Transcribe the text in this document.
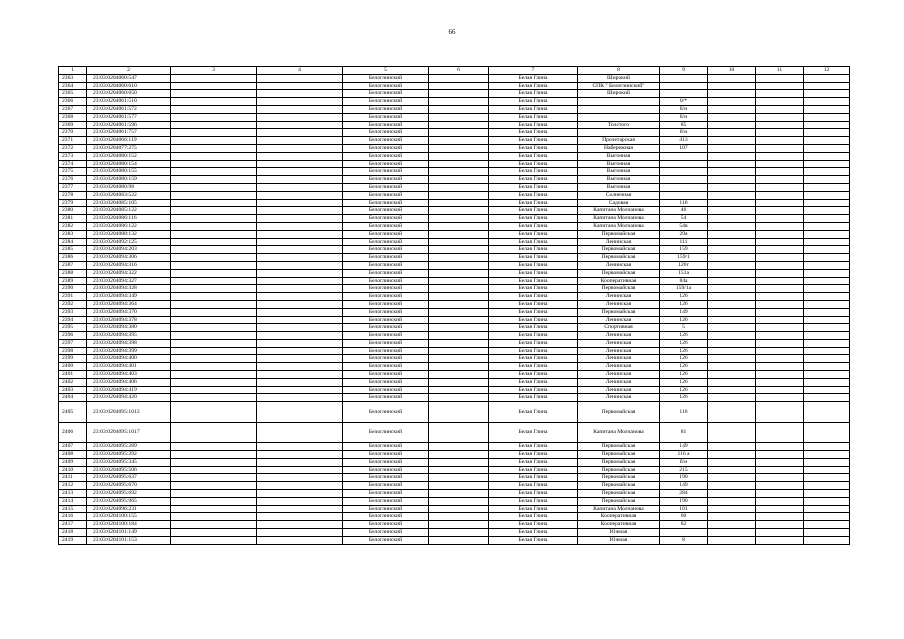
66
1	2	3	4	5	6	7	8	9	10	11	12
2363	23:03:0204060:547			Белоглинский		Белая Глина	Широкий				
2364	23:03:0204060:610			Белоглинский		Белая Глина	СПК " Белоглинский"				
2365	23:03:0204060:650			Белоглинский		Белая Глина	Широкий				
2366	23:03:0204061:510			Белоглинский		Белая Глина		0/*			
2367	23:03:0204061:572			Белоглинский		Белая Глина		б/н			
2368	23:03:0204061:577			Белоглинский		Белая Глина		б/н			
2369	23:03:0204061:596			Белоглинский		Белая Глина	Толстого	85			
2370	23:03:0204061:757			Белоглинский		Белая Глина		б/н			
2371	23:03:0204066:119			Белоглинский		Белая Глина	Пролетарская	413			
2372	23:03:0204077:275			Белоглинский		Белая Глина	Набережная	107			
2373	23:03:0204080:152			Белоглинский		Белая Глина	Выгонная				
2374	23:03:0204080:154			Белоглинский		Белая Глина	Выгонная				
2375	23:03:0204080:155			Белоглинский		Белая Глина	Выгонная				
2376	23:03:0204080:159			Белоглинский		Белая Глина	Выгонная				
2377	23:03:0204080:98			Белоглинский		Белая Глина	Выгонная				
2378	23:03:0204083:522			Белоглинский		Белая Глина	Солнечная				
2379	23:03:0204085:105			Белоглинский		Белая Глина	Садовая	110			
2380	23:03:0204085:122			Белоглинский		Белая Глина	Капитана Молчанова	46			
2381	23:03:0204086:116			Белоглинский		Белая Глина	Капитана Молчанова	54			
2382	23:03:0204086:122			Белоглинский		Белая Глина	Капитана Молчанова	54в			
2383	23:03:0204088:132			Белоглинский		Белая Глина	Первомайская	29а			
2384	23:03:0204092:125			Белоглинский		Белая Глина	Ленинская	111			
2385	23:03:0204094:203			Белоглинский		Белая Глина	Первомайская	159			
2386	23:03:0204094:306			Белоглинский		Белая Глина	Первомайская	159/1			
2387	23:03:0204094:316			Белоглинский		Белая Глина	Ленинская	126т			
2388	23:03:0204094:322			Белоглинский		Белая Глина	Первомайская	151а			
2389	23:03:0204094:327			Белоглинский		Белая Глина	Кооперативная	84а			
2390	23:03:0204094:328			Белоглинский		Белая Глина	Первомайская	159/1а			
2391	23:03:0204094:349			Белоглинский		Белая Глина	Ленинская	126			
2392	23:03:0204094:364			Белоглинский		Белая Глина	Ленинская	126			
2393	23:03:0204094:370			Белоглинский		Белая Глина	Первомайская	149			
2394	23:03:0204094:378			Белоглинский		Белая Глина	Ленинская	126			
2395	23:03:0204094:380			Белоглинский		Белая Глина	Спортивная	5			
2396	23:03:0204094:395			Белоглинский		Белая Глина	Ленинская	126			
2397	23:03:0204094:398			Белоглинский		Белая Глина	Ленинская	126			
2398	23:03:0204094:399			Белоглинский		Белая Глина	Ленинская	126			
2399	23:03:0204094:400			Белоглинский		Белая Глина	Ленинская	126			
2400	23:03:0204094:401			Белоглинский		Белая Глина	Ленинская	126			
2401	23:03:0204094:403			Белоглинский		Белая Глина	Ленинская	126			
2402	23:03:0204094:406			Белоглинский		Белая Глина	Ленинская	126			
2403	23:03:0204094:419			Белоглинский		Белая Глина	Ленинская	126			
2404	23:03:0204094:420			Белоглинский		Белая Глина	Ленинская	126			
2405	23:03:0204095:1012			Белоглинский		Белая Глина	Первомайская	116			
2406	23:03:0204095:1017			Белоглинский		Белая Глина	Капитана Молчанова	81			
2407	23:03:0204095:289			Белоглинский		Белая Глина	Первомайская	149			
2408	23:03:0204095:292			Белоглинский		Белая Глина	Первомайская	116 а			
2409	23:03:0204095:345			Белоглинский		Белая Глина	Первомайская	б/н			
2410	23:03:0204095:506			Белоглинский		Белая Глина	Первомайская	215			
2411	23:03:0204095:637			Белоглинский		Белая Глина	Первомайская	190			
2412	23:03:0204095:670			Белоглинский		Белая Глина	Первомайская	149			
2413	23:03:0204095:692			Белоглинский		Белая Глина	Первомайская	284			
2414	23:03:0204095:965			Белоглинский		Белая Глина	Первомайская	190			
2415	23:03:0204096:231			Белоглинский		Белая Глина	Капитана Молчанова	101			
2416	23:03:0204100:155			Белоглинский		Белая Глина	Кооперативная	60			
2417	23:03:0204100:184			Белоглинский		Белая Глина	Кооперативная	82			
2418	23:03:0204101:149			Белоглинский		Белая Глина	Южная				
2419	23:03:0204101:153			Белоглинский		Белая Глина	Южная	8			
